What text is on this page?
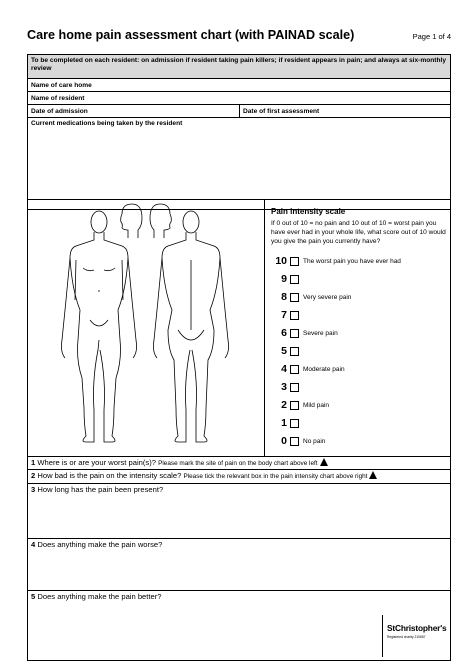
Care home pain assessment chart (with PAINAD scale)	Page 1 of 4
To be completed on each resident: on admission if resident taking pain killers; if resident appears in pain; and always at six-monthly review
Name of care home
Name of resident
Date of admission	Date of first assessment
Current medications being taken by the resident
Pain intensity scale
If 0 out of 10 = no pain and 10 out of 10 = worst pain you have ever had in your whole life, what score out of 10 would you give the pain you currently have?
10 The worst pain you have ever had
9
8 Very severe pain
7
6 Severe pain
5
4 Moderate pain
3
2 Mild pain
1
0 No pain
1 Where is or are your worst pain(s)? Please mark the site of pain on the body chart above left
2 How bad is the pain on the intensity scale? Please tick the relevant box in the pain intensity chart above right
3 How long has the pain been present?
4 Does anything make the pain worse?
5 Does anything make the pain better?
StChristopher's
Registered charity 210667
